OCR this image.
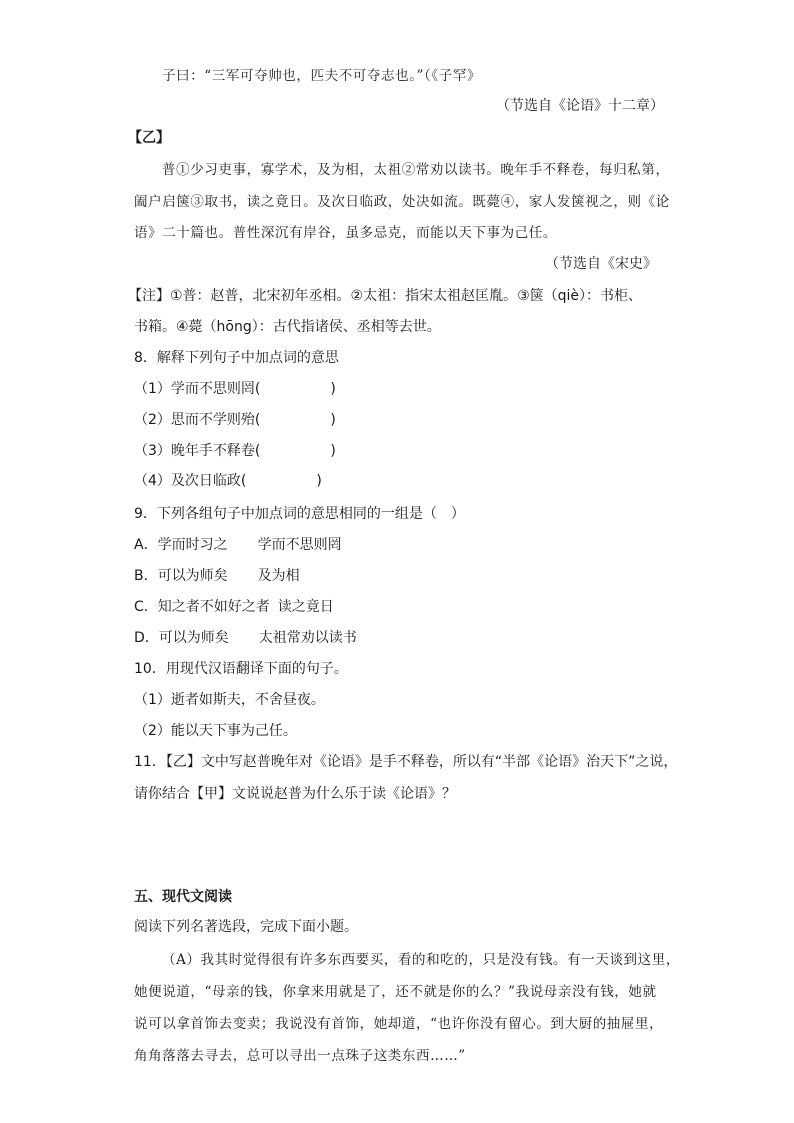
子曰：“三军可夺帅也，匹夫不可夺志也。”（《子罕》
（节选自《论语》十二章）
【乙】
普①少习吏事，寡学术，及为相，太祖②常劝以读书。晚年手不释卷，每归私第，
阖户启箧③取书，读之竟日。及次日临政，处决如流。既薨④，家人发箧视之，则《论
语》二十篇也。普性深沉有岸谷，虽多忌克，而能以天下事为己任。
（节选自《宋史》
【注】①普：赵普，北宋初年丞相。②太祖：指宋太祖赵匡胤。③箧（qiè）：书柜、
书箱。④薨（hōng）：古代指诸侯、丞相等去世。
8．解释下列句子中加点词的意思
（1）学而不思则罔(	)
（2）思而不学则殆(	)
（3）晚年手不释卷(	)
（4）及次日临政(	)
9．下列各组句子中加点词的意思相同的一组是（　）
A．学而时习之 学而不思则罔
B．可以为师矣 及为相
C．知之者不如好之者 读之竟日
D．可以为师矣 太祖常劝以读书
10．用现代汉语翻译下面的句子。
（1）逝者如斯夫，不舍昼夜。
（2）能以天下事为己任。
11．【乙】文中写赵普晚年对《论语》是手不释卷，所以有“半部《论语》治天下”之说，
请你结合【甲】文说说赵普为什么乐于读《论语》？
五、现代文阅读
阅读下列名著选段，完成下面小题。
（A）我其时觉得很有许多东西要买，看的和吃的，只是没有钱。有一天谈到这里，
她便说道，“母亲的钱，你拿来用就是了，还不就是你的么？”我说母亲没有钱，她就
说可以拿首饰去变卖；我说没有首饰，她却道，“也许你没有留心。到大厨的抽屉里，
角角落落去寻去，总可以寻出一点珠子这类东西……”
